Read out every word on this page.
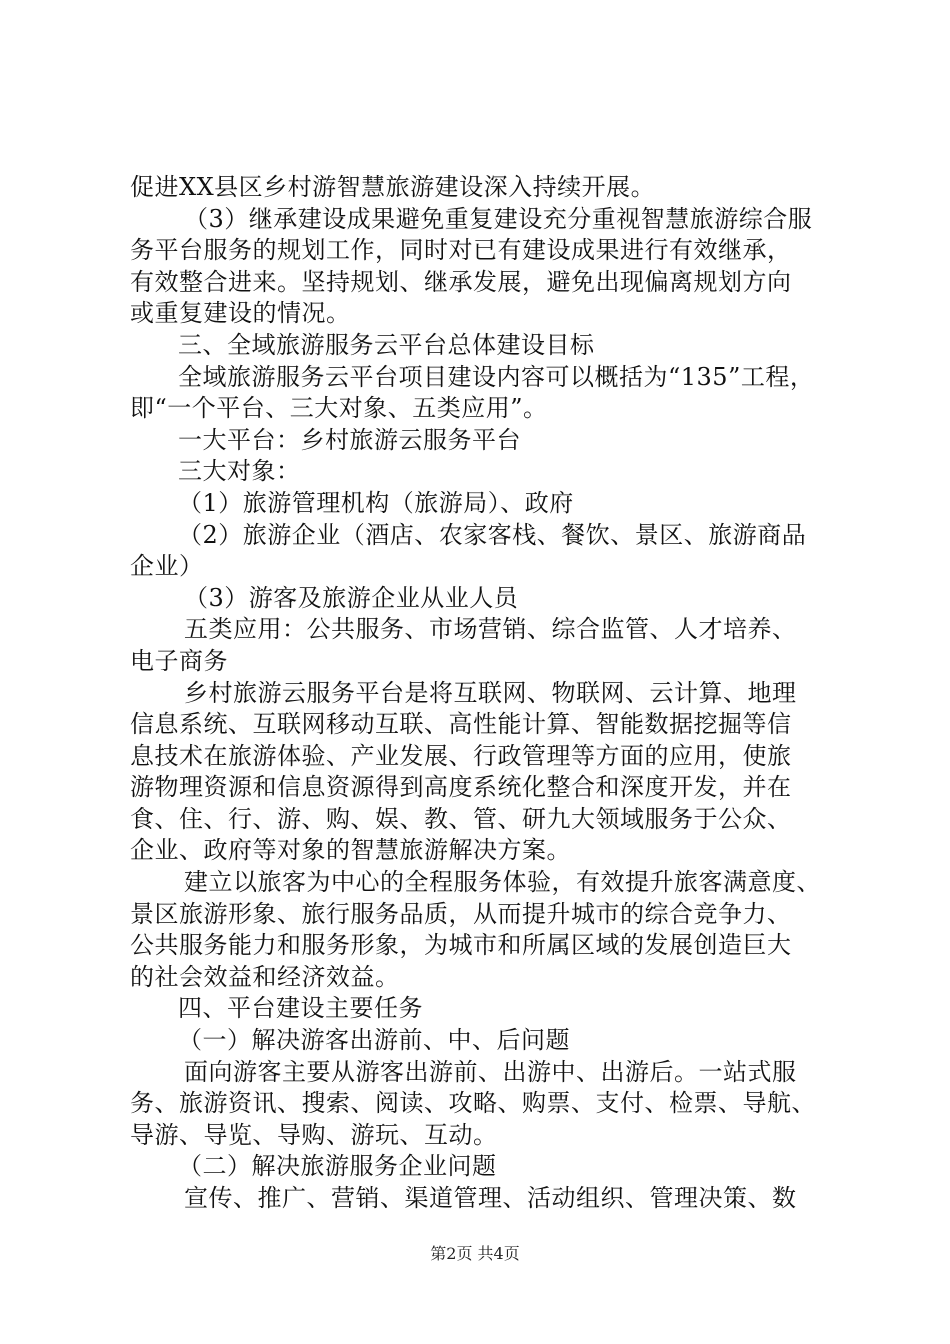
促进XX县区乡村游智慧旅游建设深入持续开展。
（3）继承建设成果避免重复建设充分重视智慧旅游综合服
务平台服务的规划工作，同时对已有建设成果进行有效继承，
有效整合进来。坚持规划、继承发展，避免出现偏离规划方向
或重复建设的情况。
三、全域旅游服务云平台总体建设目标
全域旅游服务云平台项目建设内容可以概括为“135”工程，
即“一个平台、三大对象、五类应用”。
一大平台：乡村旅游云服务平台
三大对象：
（1）旅游管理机构（旅游局）、政府
（2）旅游企业（酒店、农家客栈、餐饮、景区、旅游商品
企业）
（3）游客及旅游企业从业人员
五类应用：公共服务、市场营销、综合监管、人才培养、
电子商务
乡村旅游云服务平台是将互联网、物联网、云计算、地理
信息系统、互联网移动互联、高性能计算、智能数据挖掘等信
息技术在旅游体验、产业发展、行政管理等方面的应用，使旅
游物理资源和信息资源得到高度系统化整合和深度开发，并在
食、住、行、游、购、娱、教、管、研九大领域服务于公众、
企业、政府等对象的智慧旅游解决方案。
建立以旅客为中心的全程服务体验，有效提升旅客满意度、
景区旅游形象、旅行服务品质，从而提升城市的综合竞争力、
公共服务能力和服务形象，为城市和所属区域的发展创造巨大
的社会效益和经济效益。
四、平台建设主要任务
（一）解决游客出游前、中、后问题
面向游客主要从游客出游前、出游中、出游后。一站式服
务、旅游资讯、搜索、阅读、攻略、购票、支付、检票、导航、
导游、导览、导购、游玩、互动。
（二）解决旅游服务企业问题
宣传、推广、营销、渠道管理、活动组织、管理决策、数
第2页 共4页
